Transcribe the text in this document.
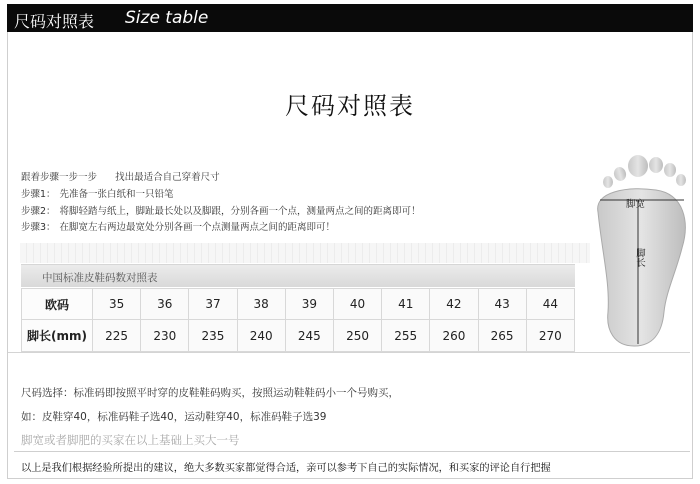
尺码对照表 Size table
尺码对照表
跟着步骤一步一步 找出最适合自己穿着尺寸
步骤1： 先准备一张白纸和一只铅笔
步骤2： 将脚轻踏与纸上，脚趾最长处以及脚跟，分别各画一个点，测量两点之间的距离即可！
步骤3： 在脚宽左右两边最宽处分别各画一个点测量两点之间的距离即可！
中国标准皮鞋码数对照表
欧码	35	36	37	38	39	40	41	42	43	44
脚长(mm)	225	230	235	240	245	250	255	260	265	270
脚宽
脚长
尺码选择：标准码即按照平时穿的皮鞋鞋码购买，按照运动鞋鞋码小一个号购买，
如：皮鞋穿40，标准码鞋子选40，运动鞋穿40，标准码鞋子选39
脚宽或者脚肥的买家在以上基础上买大一号
以上是我们根据经验所提出的建议，绝大多数买家都觉得合适，亲可以参考下自己的实际情况，和买家的评论自行把握
